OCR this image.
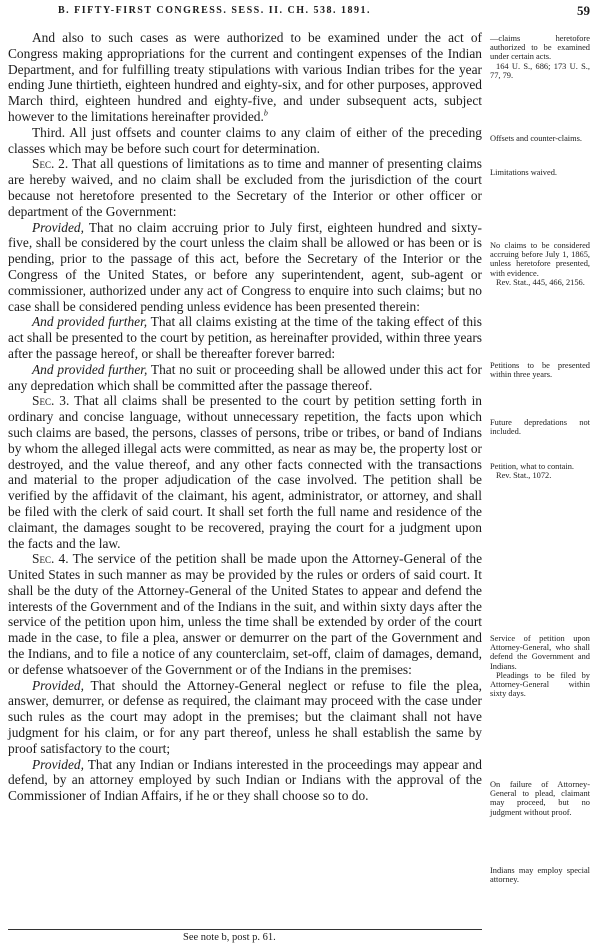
B. FIFTY-FIRST CONGRESS. SESS. II. CH. 538. 1891.	59

And also to such cases as were authorized to be examined under the act of Congress making appropriations for the current and contingent expenses of the Indian Department, and for fulfilling treaty stipulations with various Indian tribes for the year ending June thirtieth, eighteen hundred and eighty-six, and for other purposes, approved March third, eighteen hundred and eighty-five, and under subsequent acts, subject however to the limitations hereinafter provided.$^b$

Third. All just offsets and counter claims to any claim of either of the preceding classes which may be before such court for determination.

Sec. 2. That all questions of limitations as to time and manner of presenting claims are hereby waived, and no claim shall be excluded from the jurisdiction of the court because not heretofore presented to the Secretary of the Interior or other officer or department of the Government:

Provided, That no claim accruing prior to July first, eighteen hundred and sixty-five, shall be considered by the court unless the claim shall be allowed or has been or is pending, prior to the passage of this act, before the Secretary of the Interior or the Congress of the United States, or before any superintendent, agent, sub-agent or commissioner, authorized under any act of Congress to enquire into such claims; but no case shall be considered pending unless evidence has been presented therein:

And provided further, That all claims existing at the time of the taking effect of this act shall be presented to the court by petition, as hereinafter provided, within three years after the passage hereof, or shall be thereafter forever barred:

And provided further, That no suit or proceeding shall be allowed under this act for any depredation which shall be committed after the passage thereof.

Sec. 3. That all claims shall be presented to the court by petition setting forth in ordinary and concise language, without unnecessary repetition, the facts upon which such claims are based, the persons, classes of persons, tribe or tribes, or band of Indians by whom the alleged illegal acts were committed, as near as may be, the property lost or destroyed, and the value thereof, and any other facts connected with the transactions and material to the proper adjudication of the case involved. The petition shall be verified by the affidavit of the claimant, his agent, administrator, or attorney, and shall be filed with the clerk of said court. It shall set forth the full name and residence of the claimant, the damages sought to be recovered, praying the court for a judgment upon the facts and the law.

Sec. 4. The service of the petition shall be made upon the Attorney-General of the United States in such manner as may be provided by the rules or orders of said court. It shall be the duty of the Attorney-General of the United States to appear and defend the interests of the Government and of the Indians in the suit, and within sixty days after the service of the petition upon him, unless the time shall be extended by order of the court made in the case, to file a plea, answer or demurrer on the part of the Government and the Indians, and to file a notice of any counterclaim, set-off, claim of damages, demand, or defense whatsoever of the Government or of the Indians in the premises:

Provided, That should the Attorney-General neglect or refuse to file the plea, answer, demurrer, or defense as required, the claimant may proceed with the case under such rules as the court may adopt in the premises; but the claimant shall not have judgment for his claim, or for any part thereof, unless he shall establish the same by proof satisfactory to the court;

Provided, That any Indian or Indians interested in the proceedings may appear and defend, by an attorney employed by such Indian or Indians with the approval of the Commissioner of Indian Affairs, if he or they shall choose so to do.

—claims heretofore authorized to be examined under certain acts.
164 U. S., 686; 173 U. S., 77, 79.
Offsets and counter-claims.
Limitations waived.
No claims to be considered accruing before July 1, 1865, unless heretofore presented, with evidence.
Rev. Stat., 445, 466, 2156.
Petitions to be presented within three years.
Future depredations not included.
Petition, what to contain.
Rev. Stat., 1072.
Service of petition upon Attorney-General, who shall defend the Government and Indians.
Pleadings to be filed by Attorney-General within sixty days.
On failure of Attorney-General to plead, claimant may proceed, but no judgment without proof.
Indians may employ special attorney.
See note b, post p. 61.
